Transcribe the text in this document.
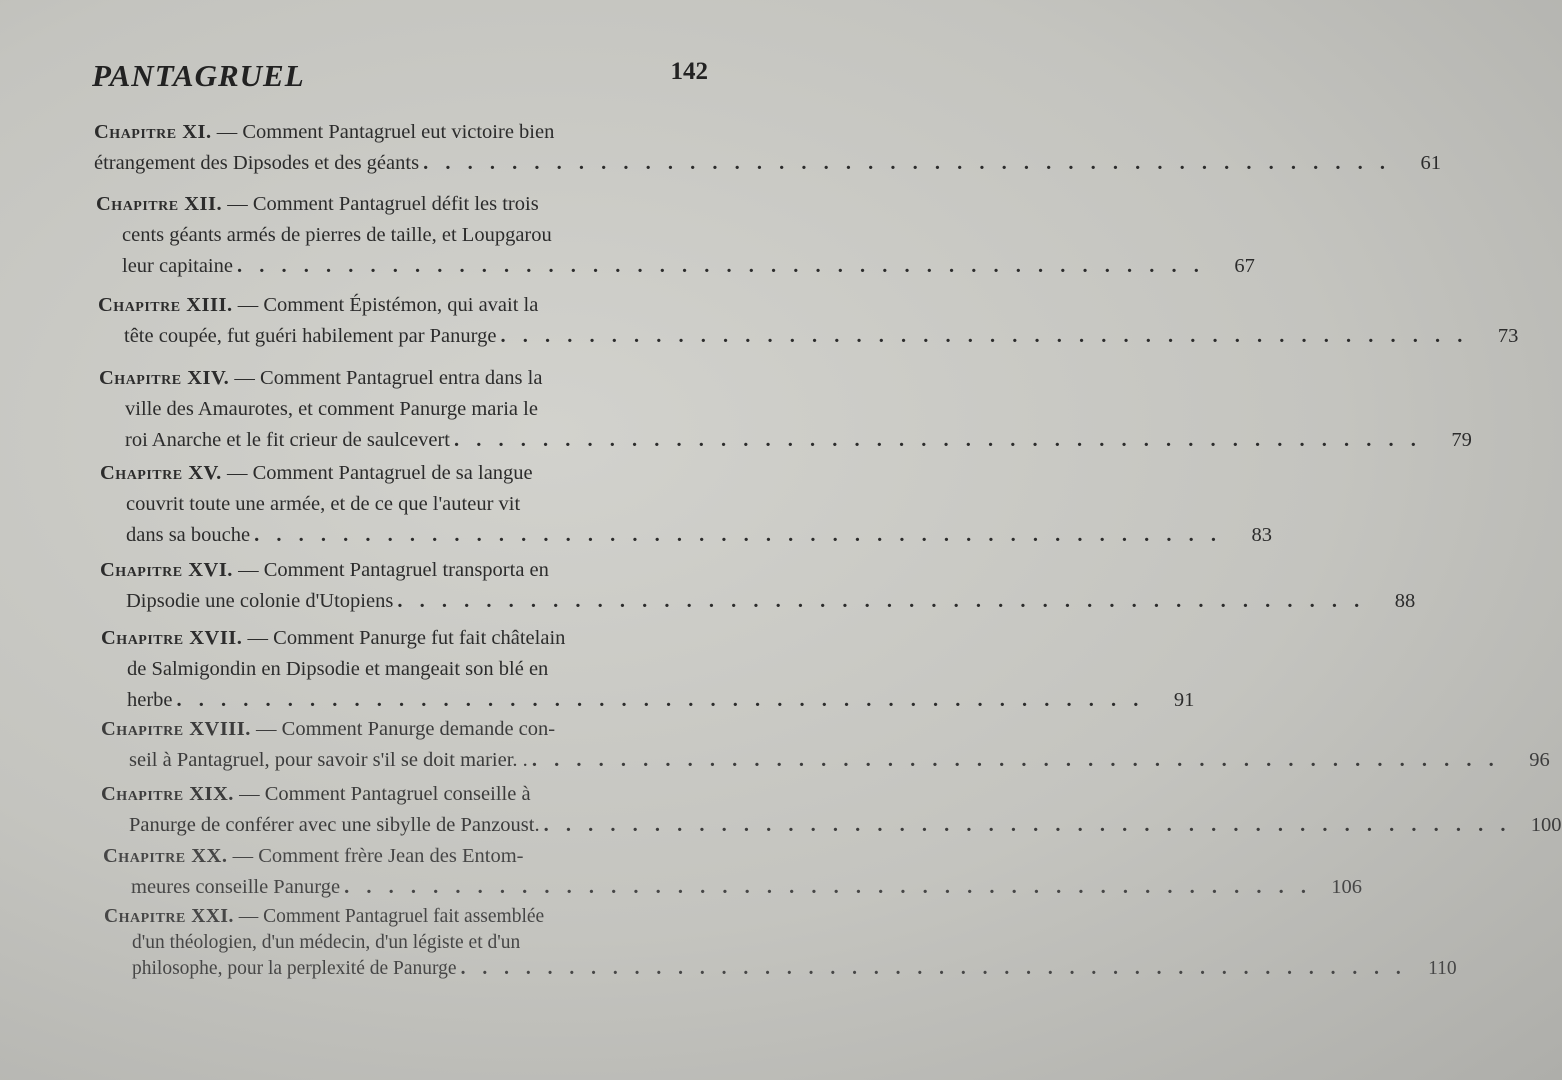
PANTAGRUEL	142
Chapitre XI. — Comment Pantagruel eut victoire bien
étrangement des Dipsodes et des géants . . . . . . . . . . . . . . . . . . . . . . . . . . . . . . . . . . . . . . . . . . . .	61
Chapitre XII. — Comment Pantagruel défit les trois
cents géants armés de pierres de taille, et Loupgarou
leur capitaine . . . . . . . . . . . . . . . . . . . . . . . . . . . . . . . . . . . . . . . . . . . .	67
Chapitre XIII. — Comment Épistémon, qui avait la
tête coupée, fut guéri habilement par Panurge . . . . . . . . . . . . . . . . . . . . . . . . . . . . . . . . . . . . . . . . . . . .	73
Chapitre XIV. — Comment Pantagruel entra dans la
ville des Amaurotes, et comment Panurge maria le
roi Anarche et le fit crieur de saulcevert . . . . . . . . . . . . . . . . . . . . . . . . . . . . . . . . . . . . . . . . . . . .	79
Chapitre XV. — Comment Pantagruel de sa langue
couvrit toute une armée, et de ce que l'auteur vit
dans sa bouche . . . . . . . . . . . . . . . . . . . . . . . . . . . . . . . . . . . . . . . . . . . .	83
Chapitre XVI. — Comment Pantagruel transporta en
Dipsodie une colonie d'Utopiens . . . . . . . . . . . . . . . . . . . . . . . . . . . . . . . . . . . . . . . . . . . .	88
Chapitre XVII. — Comment Panurge fut fait châtelain
de Salmigondin en Dipsodie et mangeait son blé en
herbe . . . . . . . . . . . . . . . . . . . . . . . . . . . . . . . . . . . . . . . . . . . .	91
Chapitre XVIII. — Comment Panurge demande con-
seil à Pantagruel, pour savoir s'il se doit marier. . . . . . . . . . . . . . . . . . . . . . . . . . . . . . . . . . . . . . . . . . . . . .	96
Chapitre XIX. — Comment Pantagruel conseille à
Panurge de conférer avec une sibylle de Panzoust. . . . . . . . . . . . . . . . . . . . . . . . . . . . . . . . . . . . . . . . . . . . . 100
Chapitre XX. — Comment frère Jean des Entom-
meures conseille Panurge . . . . . . . . . . . . . . . . . . . . . . . . . . . . . . . . . . . . . . . . . . . . 106
Chapitre XXI. — Comment Pantagruel fait assemblée
d'un théologien, d'un médecin, d'un légiste et d'un
philosophe, pour la perplexité de Panurge . . . . . . . . . . . . . . . . . . . . . . . . . . . . . . . . . . . . . . . . . . . .	110
